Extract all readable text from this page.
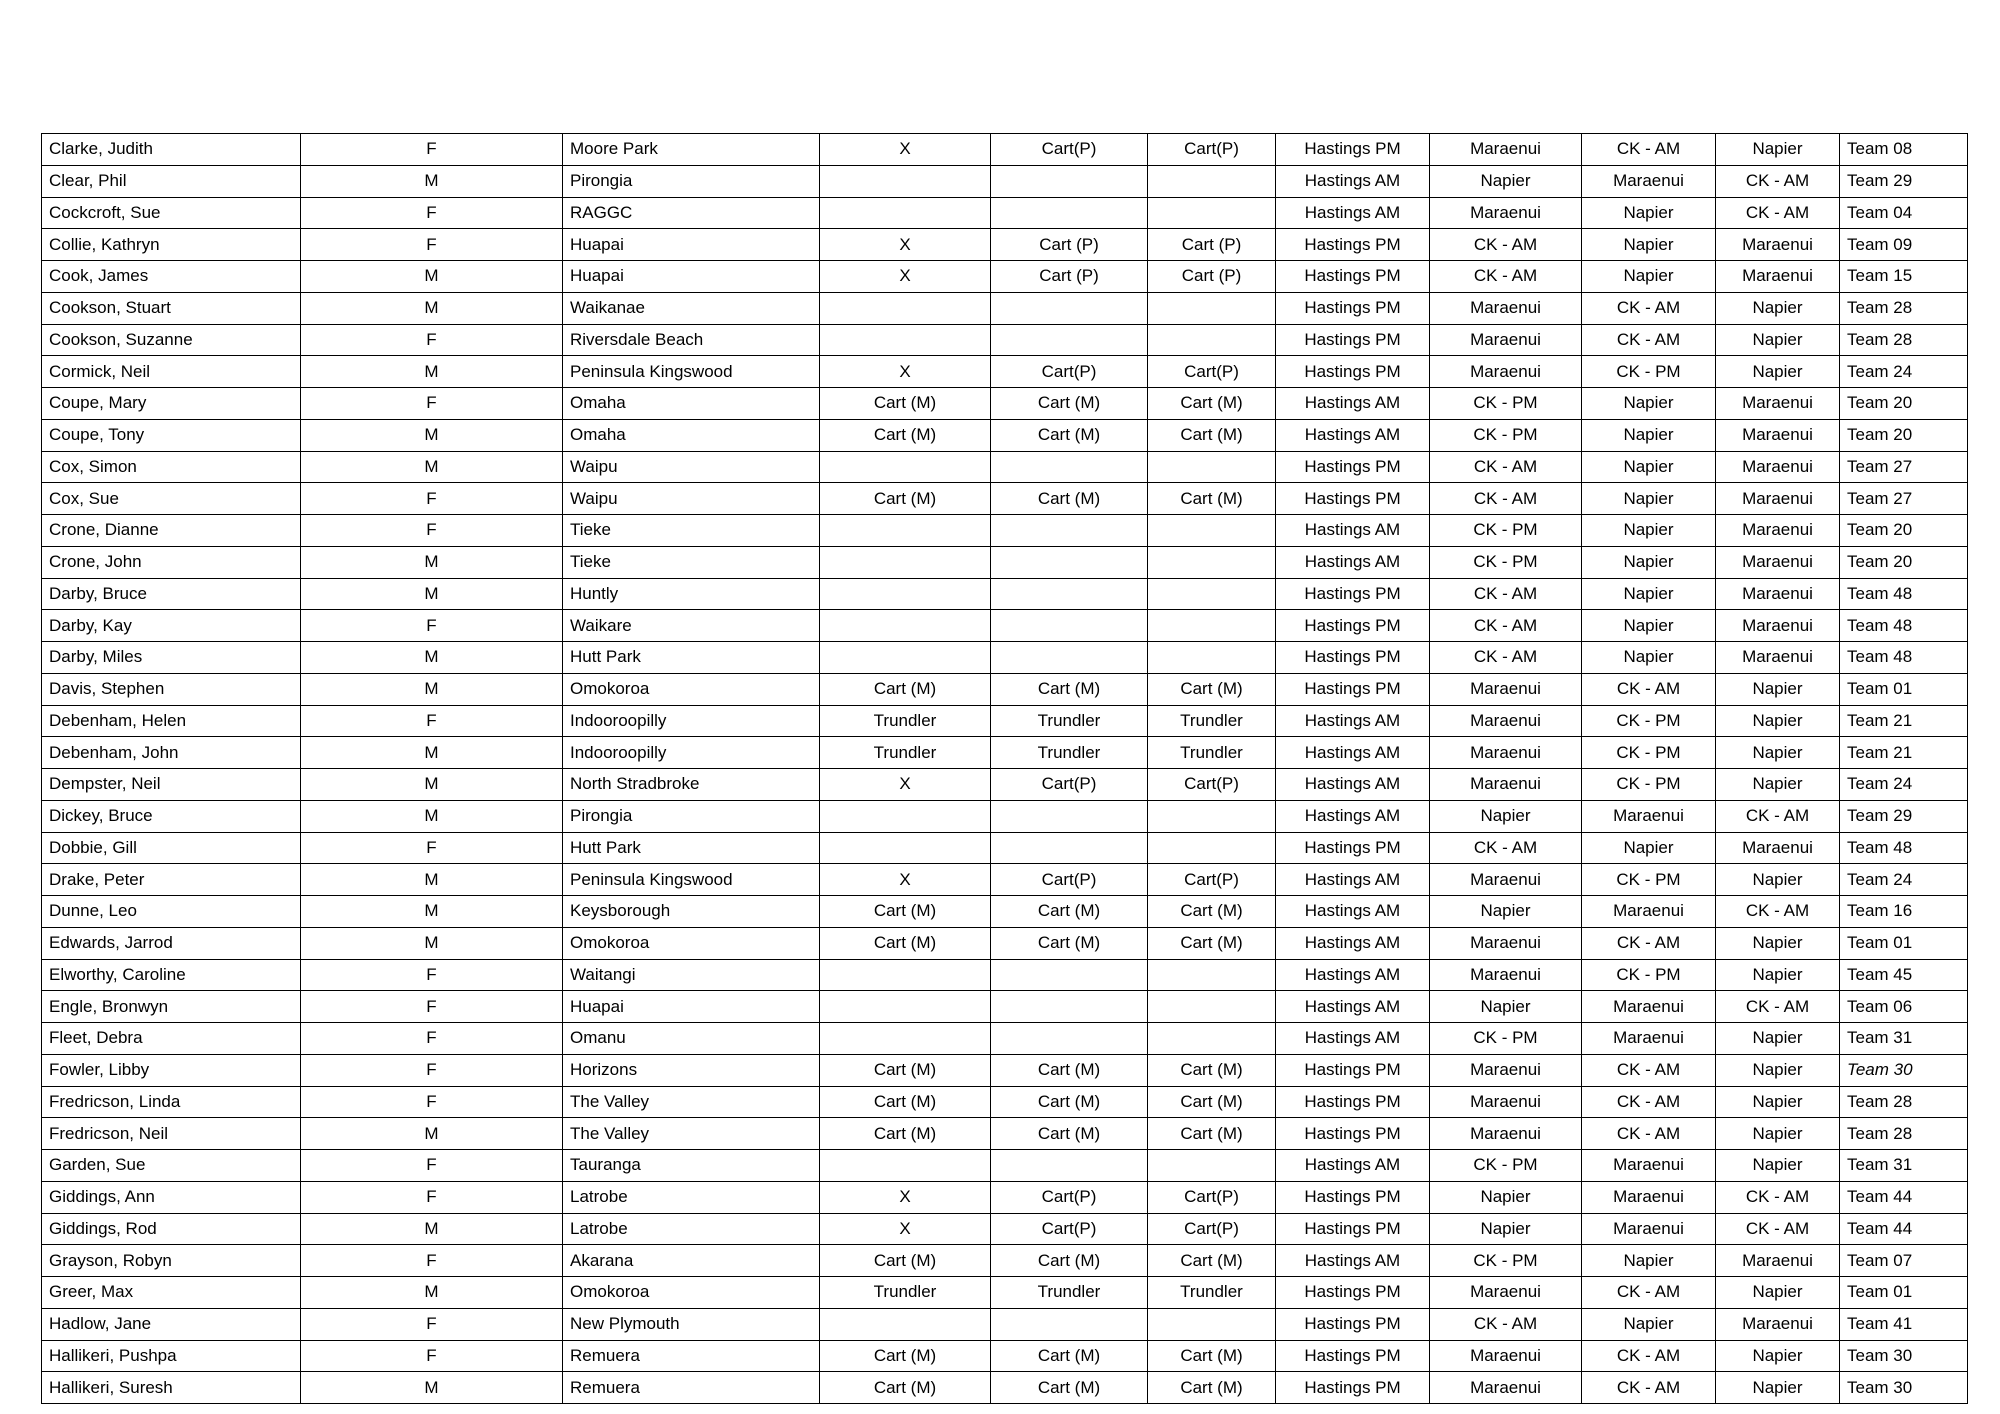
Clarke, Judith	F	Moore Park	X	Cart(P)	Cart(P)	Hastings PM	Maraenui	CK - AM	Napier	Team 08
Clear, Phil	M	Pirongia				Hastings AM	Napier	Maraenui	CK - AM	Team 29
Cockcroft, Sue	F	RAGGC				Hastings AM	Maraenui	Napier	CK - AM	Team 04
Collie, Kathryn	F	Huapai	X	Cart (P)	Cart (P)	Hastings PM	CK - AM	Napier	Maraenui	Team 09
Cook, James	M	Huapai	X	Cart (P)	Cart (P)	Hastings PM	CK - AM	Napier	Maraenui	Team 15
Cookson, Stuart	M	Waikanae				Hastings PM	Maraenui	CK - AM	Napier	Team 28
Cookson, Suzanne	F	Riversdale Beach				Hastings PM	Maraenui	CK - AM	Napier	Team 28
Cormick, Neil	M	Peninsula Kingswood	X	Cart(P)	Cart(P)	Hastings PM	Maraenui	CK - PM	Napier	Team 24
Coupe, Mary	F	Omaha	Cart (M)	Cart (M)	Cart (M)	Hastings AM	CK - PM	Napier	Maraenui	Team 20
Coupe, Tony	M	Omaha	Cart (M)	Cart (M)	Cart (M)	Hastings AM	CK - PM	Napier	Maraenui	Team 20
Cox, Simon	M	Waipu				Hastings PM	CK - AM	Napier	Maraenui	Team 27
Cox, Sue	F	Waipu	Cart (M)	Cart (M)	Cart (M)	Hastings PM	CK - AM	Napier	Maraenui	Team 27
Crone, Dianne	F	Tieke				Hastings AM	CK - PM	Napier	Maraenui	Team 20
Crone, John	M	Tieke				Hastings AM	CK - PM	Napier	Maraenui	Team 20
Darby, Bruce	M	Huntly				Hastings PM	CK - AM	Napier	Maraenui	Team 48
Darby, Kay	F	Waikare				Hastings PM	CK - AM	Napier	Maraenui	Team 48
Darby, Miles	M	Hutt Park				Hastings PM	CK - AM	Napier	Maraenui	Team 48
Davis, Stephen	M	Omokoroa	Cart (M)	Cart (M)	Cart (M)	Hastings PM	Maraenui	CK - AM	Napier	Team 01
Debenham, Helen	F	Indooroopilly	Trundler	Trundler	Trundler	Hastings AM	Maraenui	CK - PM	Napier	Team 21
Debenham, John	M	Indooroopilly	Trundler	Trundler	Trundler	Hastings AM	Maraenui	CK - PM	Napier	Team 21
Dempster, Neil	M	North Stradbroke	X	Cart(P)	Cart(P)	Hastings AM	Maraenui	CK - PM	Napier	Team 24
Dickey, Bruce	M	Pirongia				Hastings AM	Napier	Maraenui	CK - AM	Team 29
Dobbie, Gill	F	Hutt Park				Hastings PM	CK - AM	Napier	Maraenui	Team 48
Drake, Peter	M	Peninsula Kingswood	X	Cart(P)	Cart(P)	Hastings AM	Maraenui	CK - PM	Napier	Team 24
Dunne, Leo	M	Keysborough	Cart (M)	Cart (M)	Cart (M)	Hastings AM	Napier	Maraenui	CK - AM	Team 16
Edwards, Jarrod	M	Omokoroa	Cart (M)	Cart (M)	Cart (M)	Hastings AM	Maraenui	CK - AM	Napier	Team 01
Elworthy, Caroline	F	Waitangi				Hastings AM	Maraenui	CK - PM	Napier	Team 45
Engle, Bronwyn	F	Huapai				Hastings AM	Napier	Maraenui	CK - AM	Team 06
Fleet, Debra	F	Omanu				Hastings AM	CK - PM	Maraenui	Napier	Team 31
Fowler, Libby	F	Horizons	Cart (M)	Cart (M)	Cart (M)	Hastings PM	Maraenui	CK - AM	Napier	Team 30
Fredricson, Linda	F	The Valley	Cart (M)	Cart (M)	Cart (M)	Hastings PM	Maraenui	CK - AM	Napier	Team 28
Fredricson, Neil	M	The Valley	Cart (M)	Cart (M)	Cart (M)	Hastings PM	Maraenui	CK - AM	Napier	Team 28
Garden, Sue	F	Tauranga				Hastings AM	CK - PM	Maraenui	Napier	Team 31
Giddings, Ann	F	Latrobe	X	Cart(P)	Cart(P)	Hastings PM	Napier	Maraenui	CK - AM	Team 44
Giddings, Rod	M	Latrobe	X	Cart(P)	Cart(P)	Hastings PM	Napier	Maraenui	CK - AM	Team 44
Grayson, Robyn	F	Akarana	Cart (M)	Cart (M)	Cart (M)	Hastings AM	CK - PM	Napier	Maraenui	Team 07
Greer, Max	M	Omokoroa	Trundler	Trundler	Trundler	Hastings PM	Maraenui	CK - AM	Napier	Team 01
Hadlow, Jane	F	New Plymouth				Hastings PM	CK - AM	Napier	Maraenui	Team 41
Hallikeri, Pushpa	F	Remuera	Cart (M)	Cart (M)	Cart (M)	Hastings PM	Maraenui	CK - AM	Napier	Team 30
Hallikeri, Suresh	M	Remuera	Cart (M)	Cart (M)	Cart (M)	Hastings PM	Maraenui	CK - AM	Napier	Team 30
